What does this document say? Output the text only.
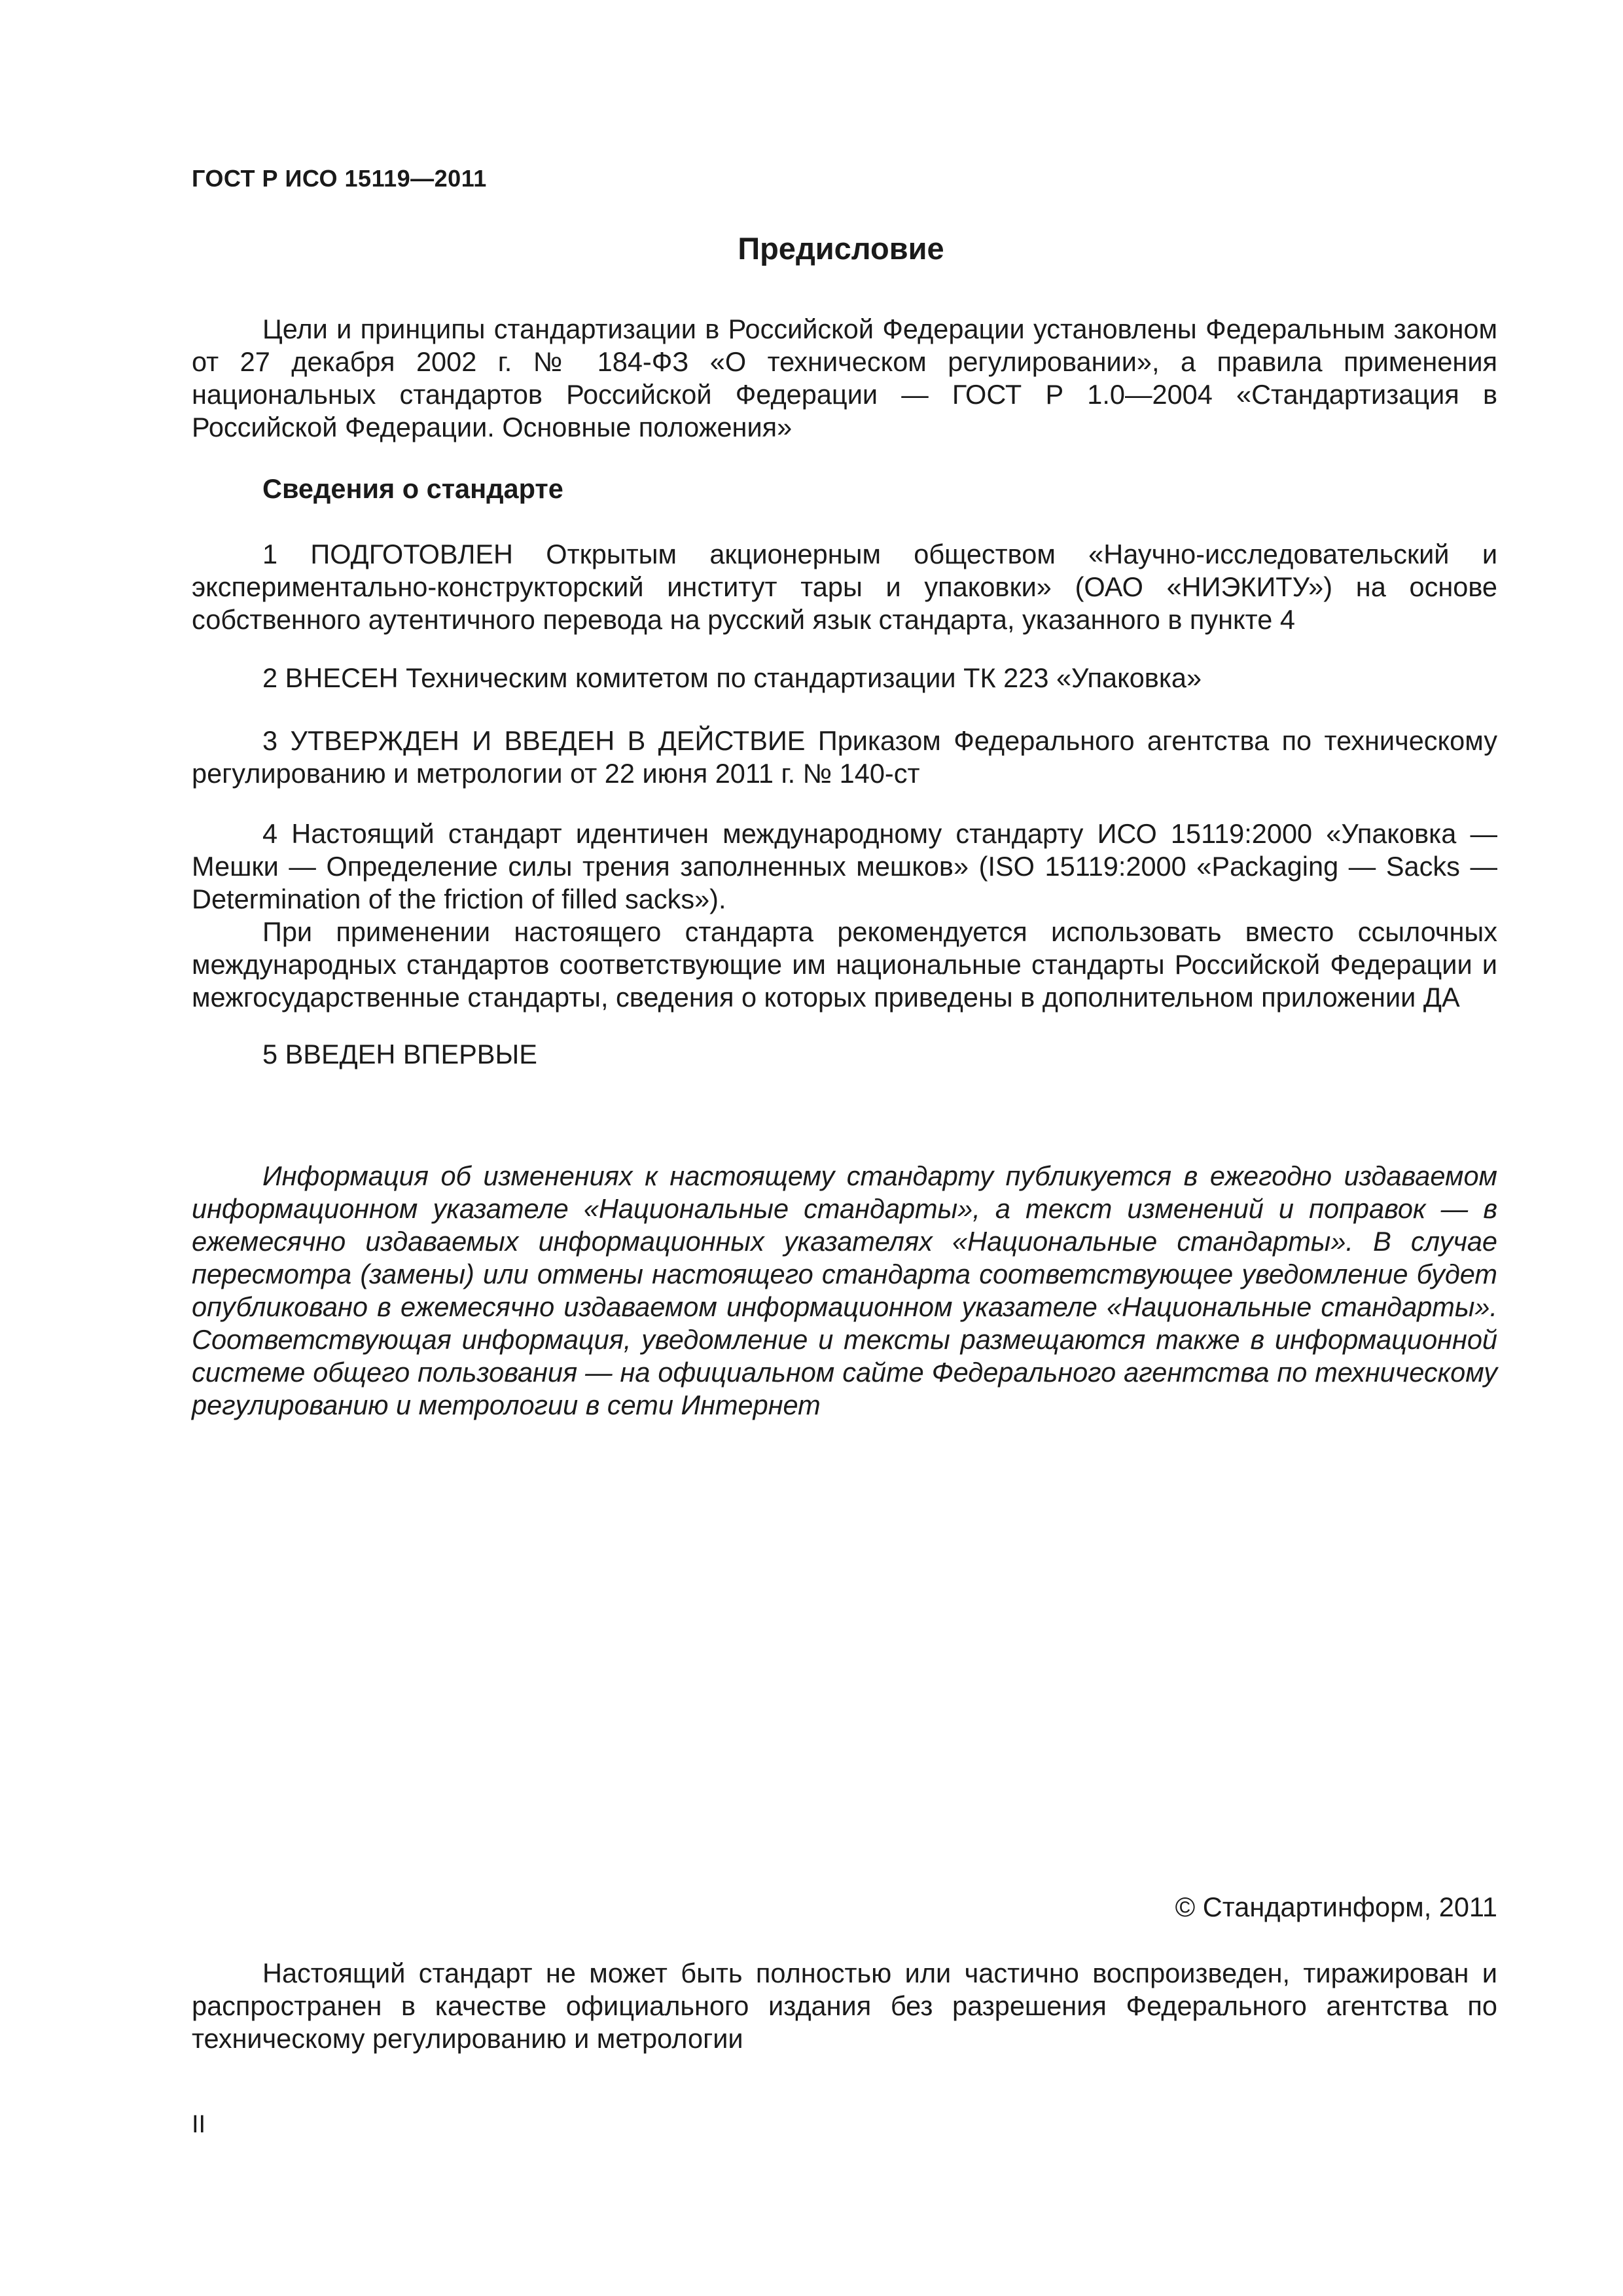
ГОСТ Р ИСО 15119—2011
Предисловие

Цели и принципы стандартизации в Российской Федерации установлены Федеральным законом от 27 декабря 2002 г. № 184-ФЗ «О техническом регулировании», а правила применения национальных стандартов Российской Федерации — ГОСТ Р 1.0—2004 «Стандартизация в Российской Федерации. Основные положения»

Сведения о стандарте

1 ПОДГОТОВЛЕН Открытым акционерным обществом «Научно-исследовательский и экспериментально-конструкторский институт тары и упаковки» (ОАО «НИЭКИТУ») на основе собственного аутентичного перевода на русский язык стандарта, указанного в пункте 4

2 ВНЕСЕН Техническим комитетом по стандартизации ТК 223 «Упаковка»

3 УТВЕРЖДЕН И ВВЕДЕН В ДЕЙСТВИЕ Приказом Федерального агентства по техническому регулированию и метрологии от 22 июня 2011 г. № 140-ст

4 Настоящий стандарт идентичен международному стандарту ИСО 15119:2000 «Упаковка — Мешки — Определение силы трения заполненных мешков» (ISO 15119:2000 «Packaging — Sacks — Determination of the friction of filled sacks»).

При применении настоящего стандарта рекомендуется использовать вместо ссылочных международных стандартов соответствующие им национальные стандарты Российской Федерации и межгосударственные стандарты, сведения о которых приведены в дополнительном приложении ДА

5 ВВЕДЕН ВПЕРВЫЕ

Информация об изменениях к настоящему стандарту публикуется в ежегодно издаваемом информационном указателе «Национальные стандарты», а текст изменений и поправок — в ежемесячно издаваемых информационных указателях «Национальные стандарты». В случае пересмотра (замены) или отмены настоящего стандарта соответствующее уведомление будет опубликовано в ежемесячно издаваемом информационном указателе «Национальные стандарты». Соответствующая информация, уведомление и тексты размещаются также в информационной системе общего пользования — на официальном сайте Федерального агентства по техническому регулированию и метрологии в сети Интернет

© Стандартинформ, 2011

Настоящий стандарт не может быть полностью или частично воспроизведен, тиражирован и распространен в качестве официального издания без разрешения Федерального агентства по техническому регулированию и метрологии

II
